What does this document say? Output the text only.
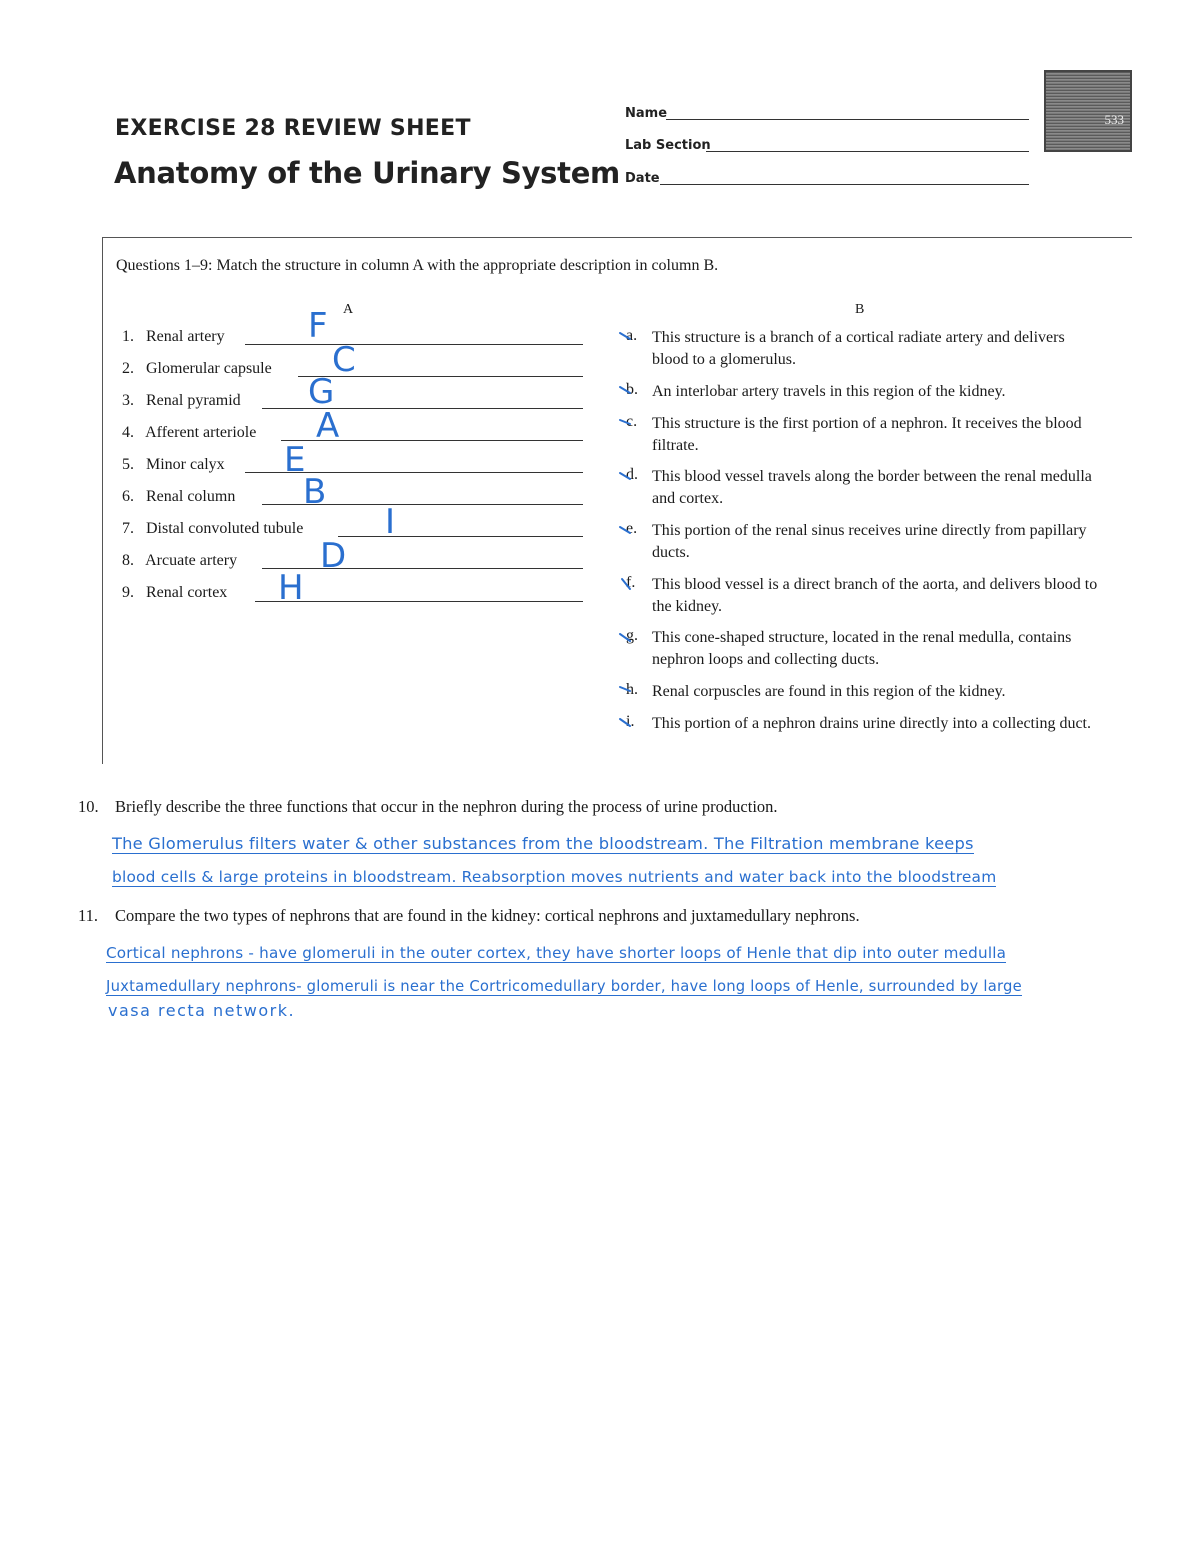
EXERCISE 28 REVIEW SHEET
Anatomy of the Urinary System
Name
Lab Section
Date
533
Questions 1–9: Match the structure in column A with the appropriate description in column B.
A	B
1. Renal artery F
2. Glomerular capsule C
3. Renal pyramid G
4. Afferent arteriole A
5. Minor calyx E
6. Renal column B
7. Distal convoluted tubule I
8. Arcuate artery D
9. Renal cortex H
a. This structure is a branch of a cortical radiate artery and delivers blood to a glomerulus.
b. An interlobar artery travels in this region of the kidney.
c. This structure is the first portion of a nephron. It receives the blood filtrate.
d. This blood vessel travels along the border between the renal medulla and cortex.
e. This portion of the renal sinus receives urine directly from papillary ducts.
f. This blood vessel is a direct branch of the aorta, and delivers blood to the kidney.
g. This cone-shaped structure, located in the renal medulla, contains nephron loops and collecting ducts.
h. Renal corpuscles are found in this region of the kidney.
i. This portion of a nephron drains urine directly into a collecting duct.
10. Briefly describe the three functions that occur in the nephron during the process of urine production.
The Glomerulus filters water & other substances from the bloodstream. The Filtration membrane keeps
blood cells & large proteins in bloodstream. Reabsorption moves nutrients and water back into the bloodstream
11. Compare the two types of nephrons that are found in the kidney: cortical nephrons and juxtamedullary nephrons.
Cortical nephrons - have glomeruli in the outer cortex, they have shorter loops of Henle that dip into outer medulla
Juxtamedullary nephrons- glomeruli is near the Cortricomedullary border, have long loops of Henle, surrounded by large
vasa recta network.
